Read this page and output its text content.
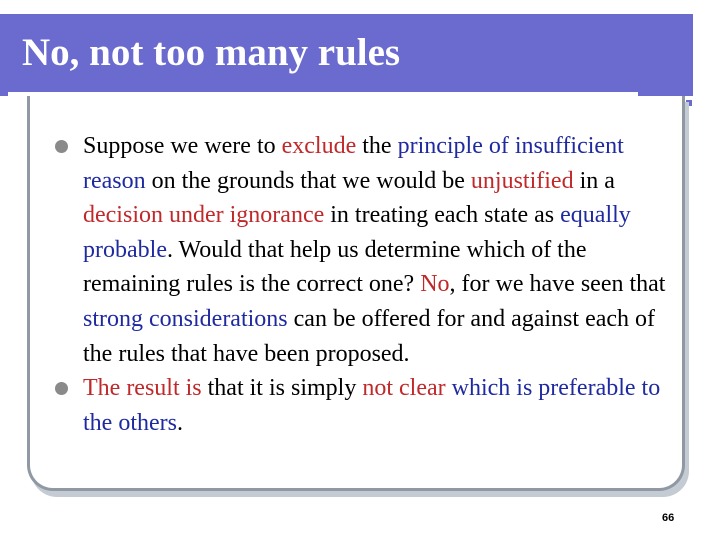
No, not too many rules
Suppose we were to exclude the principle of insufficient reason on the grounds that we would be unjustified in a decision under ignorance in treating each state as equally probable. Would that help us determine which of the remaining rules is the correct one? No, for we have seen that strong considerations can be offered for and against each of the rules that have been proposed.
The result is that it is simply not clear which is preferable to the others.
66
